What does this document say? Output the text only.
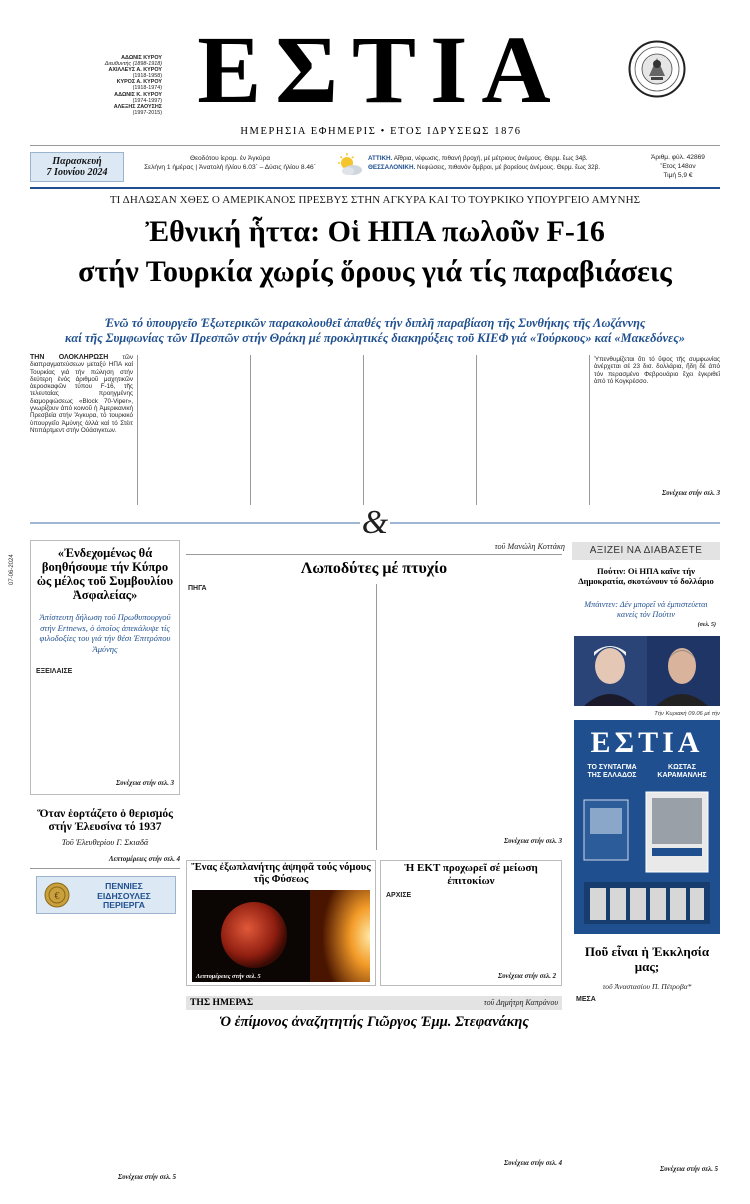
ΑΔΩΝΙΣ ΚΥΡΟΥ
Διευθυντής (1898-1918)
ΑΧΙΛΛΕΥΣ Α. ΚΥΡΟΥ
(1918-1958)
ΚΥΡΟΣ Α. ΚΥΡΟΥ
(1918-1974)
ΑΔΩΝΙΣ Κ. ΚΥΡΟΥ
(1974-1997)
ΑΛΕΞΗΣ ΖΑΟΥΣΗΣ
(1997-2015) ΕΣΤΙΑ
ΗΜΕΡΗΣΙΑ ΕΦΗΜΕΡΙΣ • ΕΤΟΣ ΙΔΡΥΣΕΩΣ 1876
Παρασκευή
7 Ιουνίου 2024
Θεοδότου ἱερομ. ἐν Ἀγκύρα
Σελήνη 1 ἡμέρας | Ἀνατολὴ ἡλίου 6.03΄ – Δύσις ἡλίου 8.46΄
ΑΤΤΙΚΗ. Αἴθρια, νέφωσις, πιθανή βροχή, μέ μέτριους ἀνέμους. Θερμ. ἕως 34β.
ΘΕΣΣΑΛΟΝΙΚΗ. Νεφώσεις, πιθανόν ὄμβροι, μέ βορείους ἀνέμους. Θερμ. ἕως 32β.
Ἀριθμ. φύλ. 42869
Ἔτος 148ον
Τιμή 5,9 €
ΤΙ ΔΗΛΩΣΑΝ ΧΘΕΣ Ο ΑΜΕΡΙΚΑΝΟΣ ΠΡΕΣΒΥΣ ΣΤΗΝ ΑΓΚΥΡΑ ΚΑΙ ΤΟ ΤΟΥΡΚΙΚΟ ΥΠΟΥΡΓΕΙΟ ΑΜΥΝΗΣ
Ἐθνική ἧττα: Οἱ ΗΠΑ πωλοῦν F-16
στήν Τουρκία χωρίς ὅρους γιά τίς παραβιάσεις
Ἐνῶ τό ὑπουργεῖο Ἐξωτερικῶν παρακολουθεῖ ἀπαθές τήν διπλῆ παραβίαση τῆς Συνθήκης τῆς Λωζάννης
καί τῆς Συμφωνίας τῶν Πρεσπῶν στήν Θράκη μέ προκλητικές διακηρύξεις τοῦ ΚΙΕΦ γιά «Τούρκους» καί «Μακεδόνες»
ΤΗΝ ΟΛΟΚΛΗΡΩΣΗ τῶν διαπραγματεύσεων μεταξύ ΗΠΑ καί Τουρκίας γιά τήν πώληση στήν δεύτερη ἑνός ἀριθμοῦ μαχητικῶν ἀεροσκαφῶν τύπου F-16, τῆς τελευταίας προηγμένης διαμορφώσεως «Block 70-Viper», γνωρίζουν ἀπό κοινοῦ ἡ Ἀμερικανική Πρεσβεία στήν Ἄγκυρα, τό τουρκικό ὑπουργεῖο Ἀμύνης ἀλλά καί τό Στέιτ Ντιπάρτμεντ στήν Οὐάσιγκτων.
Ὑπενθυμίζεται ὅτι τό ὕψος τῆς συμφωνίας ἀνέρχεται σέ 23 δισ. δολλάρια, ἤδη δέ ἀπό τόν περασμένο Φεβρουάριο ἔχει ἐγκριθεῖ ἀπό τό Κογκρέσσο.
Συνέχεια στήν σελ. 3
&
«Ἐνδεχομένως θά βοηθήσουμε τήν Κύπρο ὡς μέλος τοῦ Συμβουλίου Ἀσφαλείας»
Ἀπίστευτη δήλωση τοῦ Πρωθυπουργοῦ στήν Ertnews, ὁ ὁποῖος ἀπεκάλυψε τίς φιλοδοξίες του γιά τήν θέσι Ἐπιτρόπου Ἀμύνης
ΕΞΕΙΛΑΙΣΕ
Συνέχεια στήν σελ. 3
Ὅταν ἑορτάζετο ὁ θερισμός στήν Ἐλευσίνα τό 1937
Τοῦ Ἐλευθερίου Γ. Σκιαδᾶ
Λεπτομέρειες στήν σελ. 4
€
ΠΕΝΝΙΕΣ ΕΙΔΗΣΟΥΛΕΣ ΠΕΡΙΕΡΓΑ
Συνέχεια στήν σελ. 5
07-06-2024
τοῦ Μανώλη Κοττάκη
Λωποδύτες μέ πτυχίο
ΠΗΓΑ
Συνέχεια στήν σελ. 3
Ἕνας ἐξωπλανήτης ἀψηφᾶ τούς νόμους τῆς Φύσεως
Λεπτομέρειες στήν σελ. 5
Ἡ ΕΚΤ προχωρεῖ σέ μείωση ἐπιτοκίων
ΑΡΧΙΣΕ
Συνέχεια στήν σελ. 2
ΤΗΣ ΗΜΕΡΑΣ	τοῦ Δημήτρη Καπράνου
Ὁ ἐπίμονος ἀναζητητής Γιῶργος Ἐμμ. Στεφανάκης
Συνέχεια στήν σελ. 4
ΑΞΙΖΕΙ ΝΑ ΔΙΑΒΑΣΕΤΕ
Πούτιν: Οἱ ΗΠΑ καῖνε τήν Δημοκρατία, σκοτώνουν τό δολλάριο
Μπάιντεν: Δέν μπορεῖ νά ἐμπιστεύεται κανείς τόν Πούτιν
(σελ. 5)
Τήν Κυριακή 09.06 μέ τήν
ΕΣΤΙΑ
ΤΟ ΣΥΝΤΑΓΜΑ ΤΗΣ ΕΛΛΑΔΟΣ
ΚΩΣΤΑΣ ΚΑΡΑΜΑΝΛΗΣ
Ποῦ εἶναι ἡ Ἐκκλησία μας;
τοῦ Ἀναστασίου Π. Πέτροβα*
ΜΕΣΑ
Συνέχεια στήν σελ. 5
